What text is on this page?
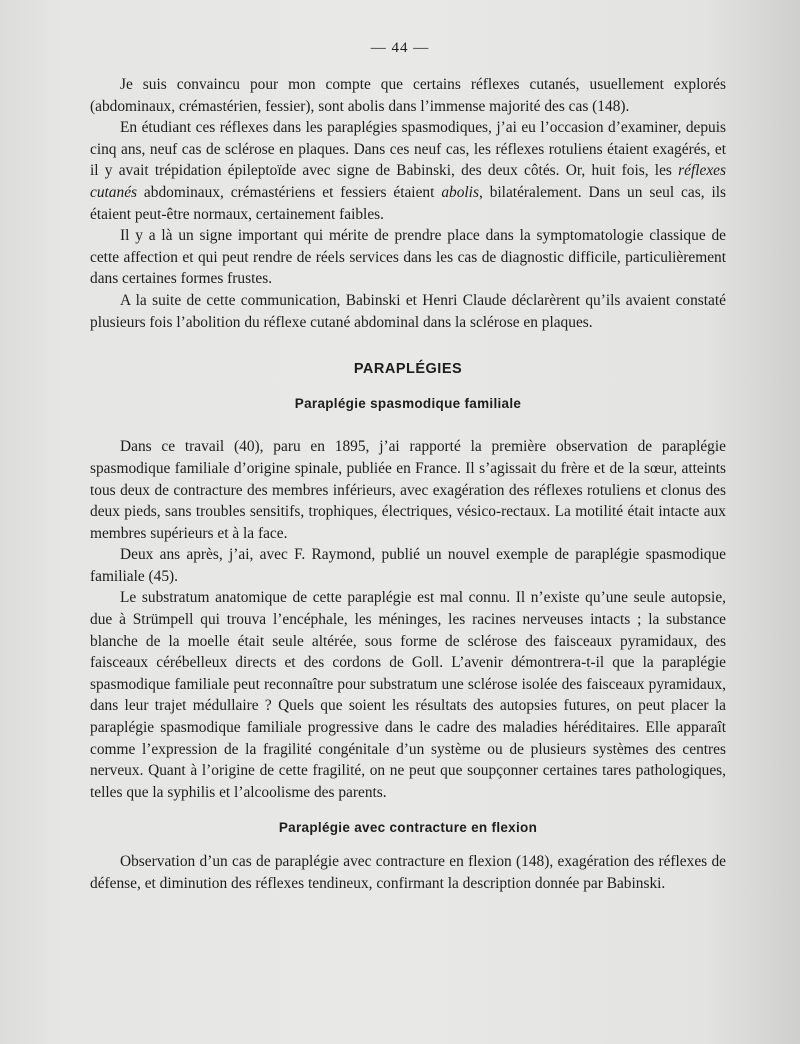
— 44 —

Je suis convaincu pour mon compte que certains réflexes cutanés, usuellement explorés (abdominaux, crémastérien, fessier), sont abolis dans l’immense majorité des cas (148).

En étudiant ces réflexes dans les paraplégies spasmodiques, j’ai eu l’occasion d’examiner, depuis cinq ans, neuf cas de sclérose en plaques. Dans ces neuf cas, les réflexes rotuliens étaient exagérés, et il y avait trépidation épileptoïde avec signe de Babinski, des deux côtés. Or, huit fois, les réflexes cutanés abdominaux, crémastériens et fessiers étaient abolis, bilatéralement. Dans un seul cas, ils étaient peut-être normaux, certainement faibles.

Il y a là un signe important qui mérite de prendre place dans la symptomatologie classique de cette affection et qui peut rendre de réels services dans les cas de diagnostic difficile, particulièrement dans certaines formes frustes.

A la suite de cette communication, Babinski et Henri Claude déclarèrent qu’ils avaient constaté plusieurs fois l’abolition du réflexe cutané abdominal dans la sclérose en plaques.

PARAPLÉGIES
Paraplégie spasmodique familiale

Dans ce travail (40), paru en 1895, j’ai rapporté la première observation de paraplégie spasmodique familiale d’origine spinale, publiée en France. Il s’agissait du frère et de la sœur, atteints tous deux de contracture des membres inférieurs, avec exagération des réflexes rotuliens et clonus des deux pieds, sans troubles sensitifs, trophiques, électriques, vésico-rectaux. La motilité était intacte aux membres supérieurs et à la face.

Deux ans après, j’ai, avec F. Raymond, publié un nouvel exemple de paraplégie spasmodique familiale (45).

Le substratum anatomique de cette paraplégie est mal connu. Il n’existe qu’une seule autopsie, due à Strümpell qui trouva l’encéphale, les méninges, les racines nerveuses intacts ; la substance blanche de la moelle était seule altérée, sous forme de sclérose des faisceaux pyramidaux, des faisceaux cérébelleux directs et des cordons de Goll. L’avenir démontrera-t-il que la paraplégie spasmodique familiale peut reconnaître pour substratum une sclérose isolée des faisceaux pyramidaux, dans leur trajet médullaire ? Quels que soient les résultats des autopsies futures, on peut placer la paraplégie spasmodique familiale progressive dans le cadre des maladies héréditaires. Elle apparaît comme l’expression de la fragilité congénitale d’un système ou de plusieurs systèmes des centres nerveux. Quant à l’origine de cette fragilité, on ne peut que soupçonner certaines tares pathologiques, telles que la syphilis et l’alcoolisme des parents.

Paraplégie avec contracture en flexion

Observation d’un cas de paraplégie avec contracture en flexion (148), exagération des réflexes de défense, et diminution des réflexes tendineux, confirmant la description donnée par Babinski.
